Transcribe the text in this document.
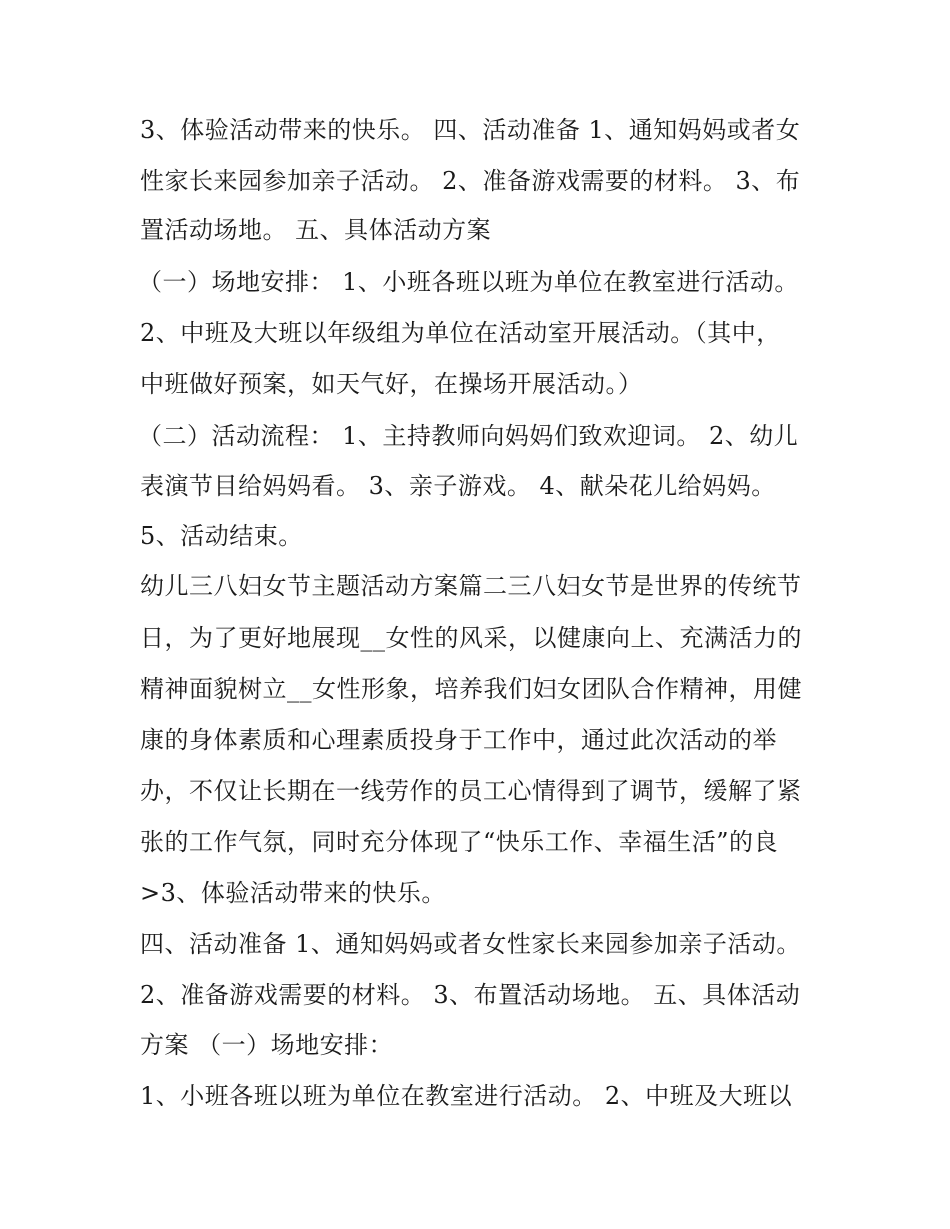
3、体验活动带来的快乐。 四、活动准备 1、通知妈妈或者女
性家长来园参加亲子活动。 2、准备游戏需要的材料。 3、布
置活动场地。 五、具体活动方案
（一）场地安排： 1、小班各班以班为单位在教室进行活动。
2、中班及大班以年级组为单位在活动室开展活动。（其中，
中班做好预案，如天气好，在操场开展活动。）
（二）活动流程： 1、主持教师向妈妈们致欢迎词。 2、幼儿
表演节目给妈妈看。 3、亲子游戏。 4、献朵花儿给妈妈。
5、活动结束。
幼儿三八妇女节主题活动方案篇二三八妇女节是世界的传统节
日，为了更好地展现__女性的风采，以健康向上、充满活力的
精神面貌树立__女性形象，培养我们妇女团队合作精神，用健
康的身体素质和心理素质投身于工作中，通过此次活动的举
办，不仅让长期在一线劳作的员工心情得到了调节，缓解了紧
张的工作气氛，同时充分体现了“快乐工作、幸福生活”的良
>3、体验活动带来的快乐。
四、活动准备 1、通知妈妈或者女性家长来园参加亲子活动。
2、准备游戏需要的材料。 3、布置活动场地。 五、具体活动
方案 （一）场地安排：
1、小班各班以班为单位在教室进行活动。 2、中班及大班以
